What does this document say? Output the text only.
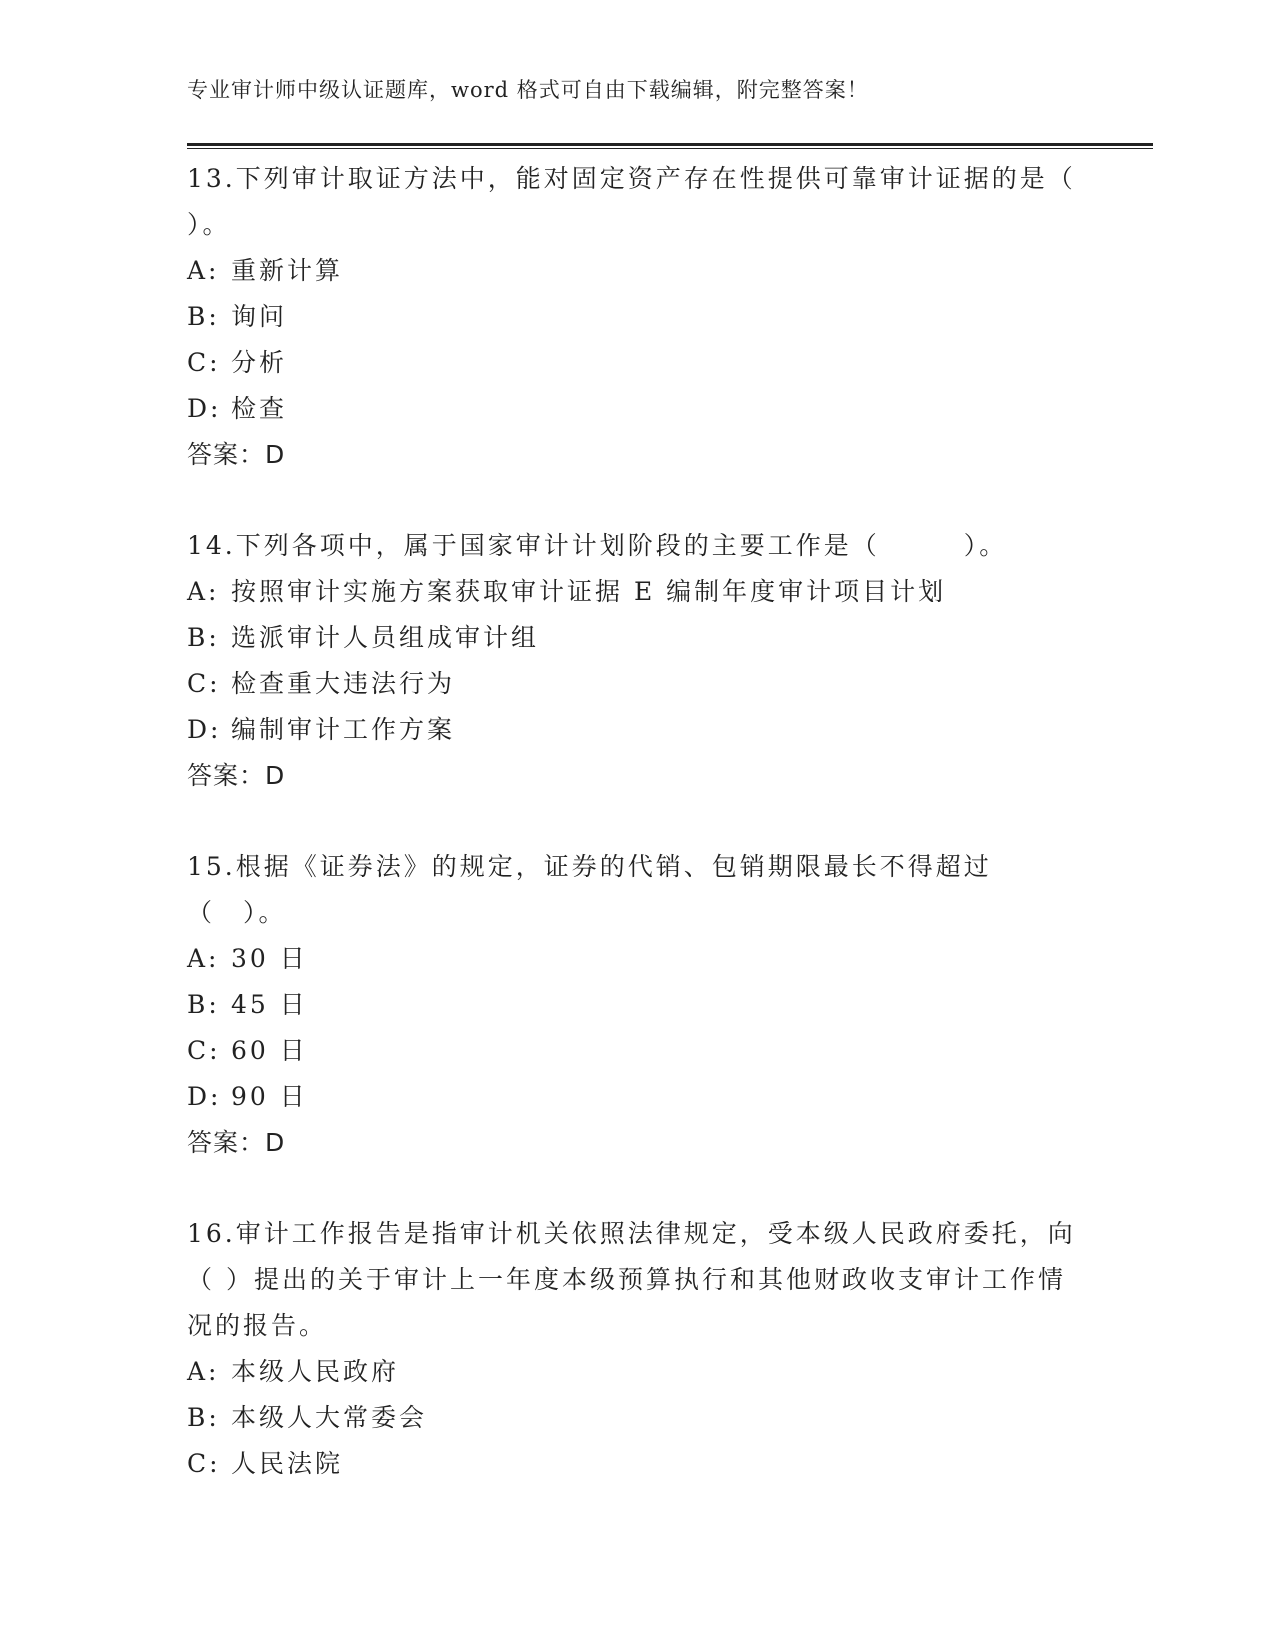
专业审计师中级认证题库，word 格式可自由下载编辑，附完整答案！

13.下列审计取证方法中，能对固定资产存在性提供可靠审计证据的是（ ）。

A: 重新计算
B: 询问
C: 分析
D: 检查
答案：D

14.下列各项中，属于国家审计计划阶段的主要工作是（　　　）。

A: 按照审计实施方案获取审计证据 E 编制年度审计项目计划
B: 选派审计人员组成审计组
C: 检查重大违法行为
D: 编制审计工作方案
答案：D

15.根据《证券法》的规定，证券的代销、包销期限最长不得超过（　）。

A: 30 日
B: 45 日
C: 60 日
D: 90 日
答案：D

16.审计工作报告是指审计机关依照法律规定，受本级人民政府委托，向（ ）提出的关于审计上一年度本级预算执行和其他财政收支审计工作情况的报告。

A: 本级人民政府
B: 本级人大常委会
C: 人民法院
